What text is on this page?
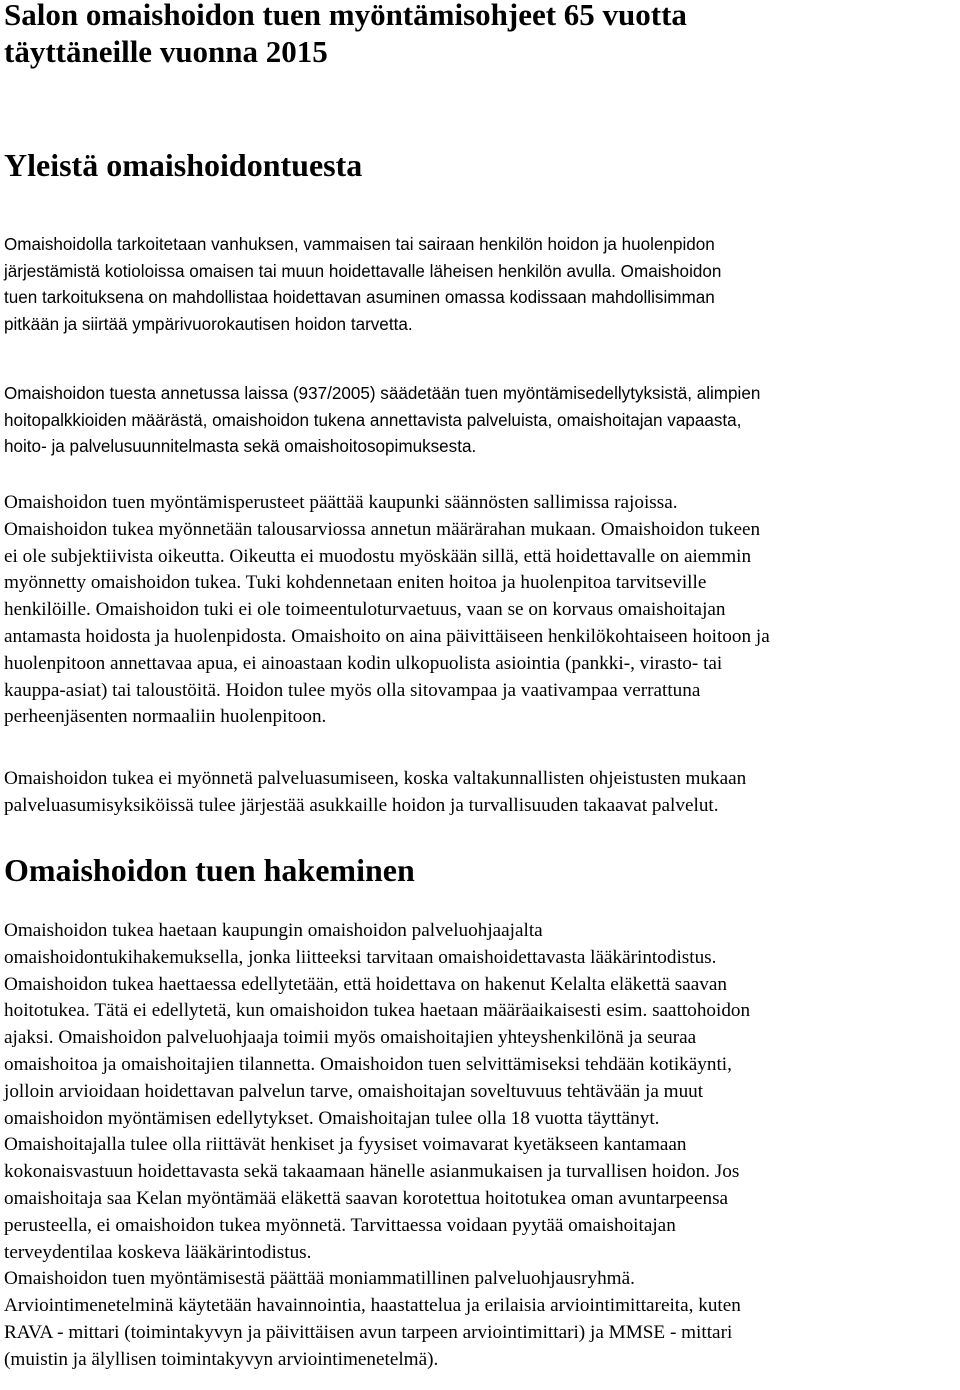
Salon omaishoidon tuen myöntämisohjeet 65 vuotta
täyttäneille vuonna 2015
Yleistä omaishoidontuesta

Omaishoidolla tarkoitetaan vanhuksen, vammaisen tai sairaan henkilön hoidon ja huolenpidon
järjestämistä kotioloissa omaisen tai muun hoidettavalle läheisen henkilön avulla. Omaishoidon
tuen tarkoituksena on mahdollistaa hoidettavan asuminen omassa kodissaan mahdollisimman
pitkään ja siirtää ympärivuorokautisen hoidon tarvetta.

Omaishoidon tuesta annetussa laissa (937/2005) säädetään tuen myöntämisedellytyksistä, alimpien
hoitopalkkioiden määrästä, omaishoidon tukena annettavista palveluista, omaishoitajan vapaasta,
hoito- ja palvelusuunnitelmasta sekä omaishoitosopimuksesta.

Omaishoidon tuen myöntämisperusteet päättää kaupunki säännösten sallimissa rajoissa.
Omaishoidon tukea myönnetään talousarviossa annetun määrärahan mukaan. Omaishoidon tukeen
ei ole subjektiivista oikeutta. Oikeutta ei muodostu myöskään sillä, että hoidettavalle on aiemmin
myönnetty omaishoidon tukea. Tuki kohdennetaan eniten hoitoa ja huolenpitoa tarvitseville
henkilöille. Omaishoidon tuki ei ole toimeentuloturvaetuus, vaan se on korvaus omaishoitajan
antamasta hoidosta ja huolenpidosta. Omaishoito on aina päivittäiseen henkilökohtaiseen hoitoon ja
huolenpitoon annettavaa apua, ei ainoastaan kodin ulkopuolista asiointia (pankki-, virasto- tai
kauppa-asiat) tai taloustöitä. Hoidon tulee myös olla sitovampaa ja vaativampaa verrattuna
perheenjäsenten normaaliin huolenpitoon.

Omaishoidon tukea ei myönnetä palveluasumiseen, koska valtakunnallisten ohjeistusten mukaan
palveluasumisyksiköissä tulee järjestää asukkaille hoidon ja turvallisuuden takaavat palvelut.

Omaishoidon tuen hakeminen

Omaishoidon tukea haetaan kaupungin omaishoidon palveluohjaajalta
omaishoidontukihakemuksella, jonka liitteeksi tarvitaan omaishoidettavasta lääkärintodistus.
Omaishoidon tukea haettaessa edellytetään, että hoidettava on hakenut Kelalta eläkettä saavan
hoitotukea. Tätä ei edellytetä, kun omaishoidon tukea haetaan määräaikaisesti esim. saattohoidon
ajaksi. Omaishoidon palveluohjaaja toimii myös omaishoitajien yhteyshenkilönä ja seuraa
omaishoitoa ja omaishoitajien tilannetta. Omaishoidon tuen selvittämiseksi tehdään kotikäynti,
jolloin arvioidaan hoidettavan palvelun tarve, omaishoitajan soveltuvuus tehtävään ja muut
omaishoidon myöntämisen edellytykset. Omaishoitajan tulee olla 18 vuotta täyttänyt.
Omaishoitajalla tulee olla riittävät henkiset ja fyysiset voimavarat kyetäkseen kantamaan
kokonaisvastuun hoidettavasta sekä takaamaan hänelle asianmukaisen ja turvallisen hoidon. Jos
omaishoitaja saa Kelan myöntämää eläkettä saavan korotettua hoitotukea oman avuntarpeensa
perusteella, ei omaishoidon tukea myönnetä. Tarvittaessa voidaan pyytää omaishoitajan
terveydentilaa koskeva lääkärintodistus.
Omaishoidon tuen myöntämisestä päättää moniammatillinen palveluohjausryhmä.
Arviointimenetelminä käytetään havainnointia, haastattelua ja erilaisia arviointimittareita, kuten
RAVA - mittari (toimintakyvyn ja päivittäisen avun tarpeen arviointimittari) ja MMSE - mittari
(muistin ja älyllisen toimintakyvyn arviointimenetelmä).
